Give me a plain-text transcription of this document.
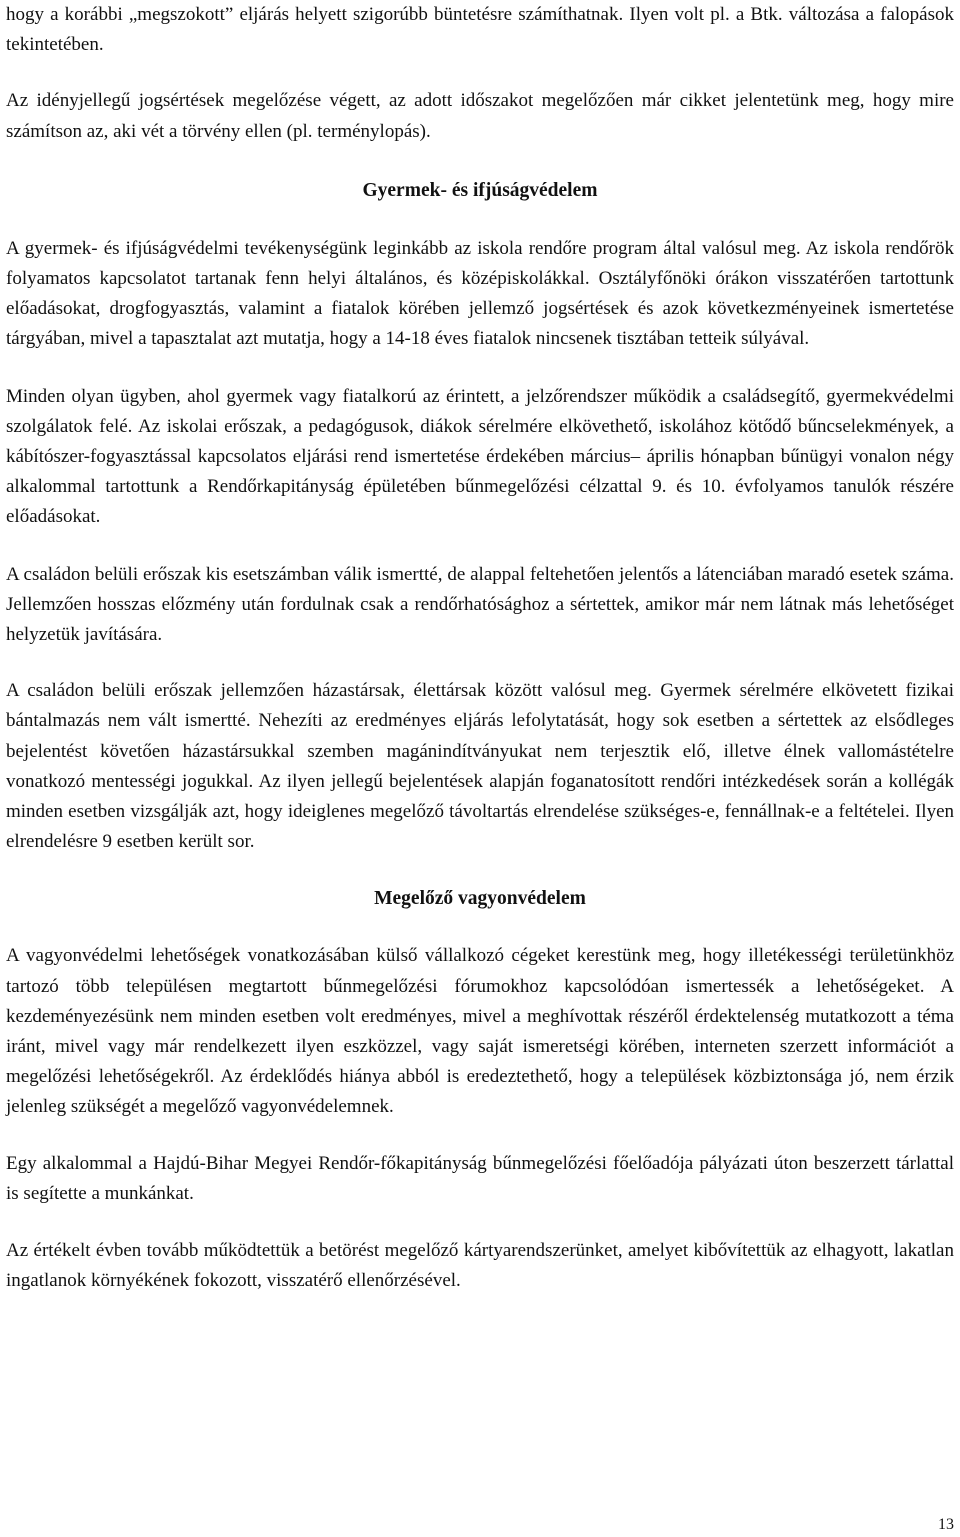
hogy a korábbi „megszokott” eljárás helyett szigorúbb büntetésre számíthatnak. Ilyen volt pl. a Btk. változása a falopások tekintetében.

Az idényjellegű jogsértések megelőzése végett, az adott időszakot megelőzően már cikket jelentetünk meg, hogy mire számítson az, aki vét a törvény ellen (pl. terménylopás).

Gyermek- és ifjúságvédelem

A gyermek- és ifjúságvédelmi tevékenységünk leginkább az iskola rendőre program által valósul meg. Az iskola rendőrök folyamatos kapcsolatot tartanak fenn helyi általános, és középiskolákkal. Osztályfőnöki órákon visszatérően tartottunk előadásokat, drogfogyasztás, valamint a fiatalok körében jellemző jogsértések és azok következményeinek ismertetése tárgyában, mivel a tapasztalat azt mutatja, hogy a 14-18 éves fiatalok nincsenek tisztában tetteik súlyával.

Minden olyan ügyben, ahol gyermek vagy fiatalkorú az érintett, a jelzőrendszer működik a családsegítő, gyermekvédelmi szolgálatok felé. Az iskolai erőszak, a pedagógusok, diákok sérelmére elkövethető, iskolához kötődő bűncselekmények, a kábítószer-fogyasztással kapcsolatos eljárási rend ismertetése érdekében március– április hónapban bűnügyi vonalon négy alkalommal tartottunk a Rendőrkapitányság épületében bűnmegelőzési célzattal 9. és 10. évfolyamos tanulók részére előadásokat.

A családon belüli erőszak kis esetszámban válik ismertté, de alappal feltehetően jelentős a látenciában maradó esetek száma. Jellemzően hosszas előzmény után fordulnak csak a rendőrhatósághoz a sértettek, amikor már nem látnak más lehetőséget helyzetük javítására.

A családon belüli erőszak jellemzően házastársak, élettársak között valósul meg. Gyermek sérelmére elkövetett fizikai bántalmazás nem vált ismertté. Nehezíti az eredményes eljárás lefolytatását, hogy sok esetben a sértettek az elsődleges bejelentést követően házastársukkal szemben magánindítványukat nem terjesztik elő, illetve élnek vallomástételre vonatkozó mentességi jogukkal. Az ilyen jellegű bejelentések alapján foganatosított rendőri intézkedések során a kollégák minden esetben vizsgálják azt, hogy ideiglenes megelőző távoltartás elrendelése szükséges-e, fennállnak-e a feltételei. Ilyen elrendelésre 9 esetben került sor.

Megelőző vagyonvédelem

A vagyonvédelmi lehetőségek vonatkozásában külső vállalkozó cégeket kerestünk meg, hogy illetékességi területünkhöz tartozó több településen megtartott bűnmegelőzési fórumokhoz kapcsolódóan ismertessék a lehetőségeket. A kezdeményezésünk nem minden esetben volt eredményes, mivel a meghívottak részéről érdektelenség mutatkozott a téma iránt, mivel vagy már rendelkezett ilyen eszközzel, vagy saját ismeretségi körében, interneten szerzett információt a megelőzési lehetőségekről. Az érdeklődés hiánya abból is eredeztethető, hogy a települések közbiztonsága jó, nem érzik jelenleg szükségét a megelőző vagyonvédelemnek.

Egy alkalommal a Hajdú-Bihar Megyei Rendőr-főkapitányság bűnmegelőzési főelőadója pályázati úton beszerzett tárlattal is segítette a munkánkat.

Az értékelt évben tovább működtettük a betörést megelőző kártyarendszerünket, amelyet kibővítettük az elhagyott, lakatlan ingatlanok környékének fokozott, visszatérő ellenőrzésével.

13
